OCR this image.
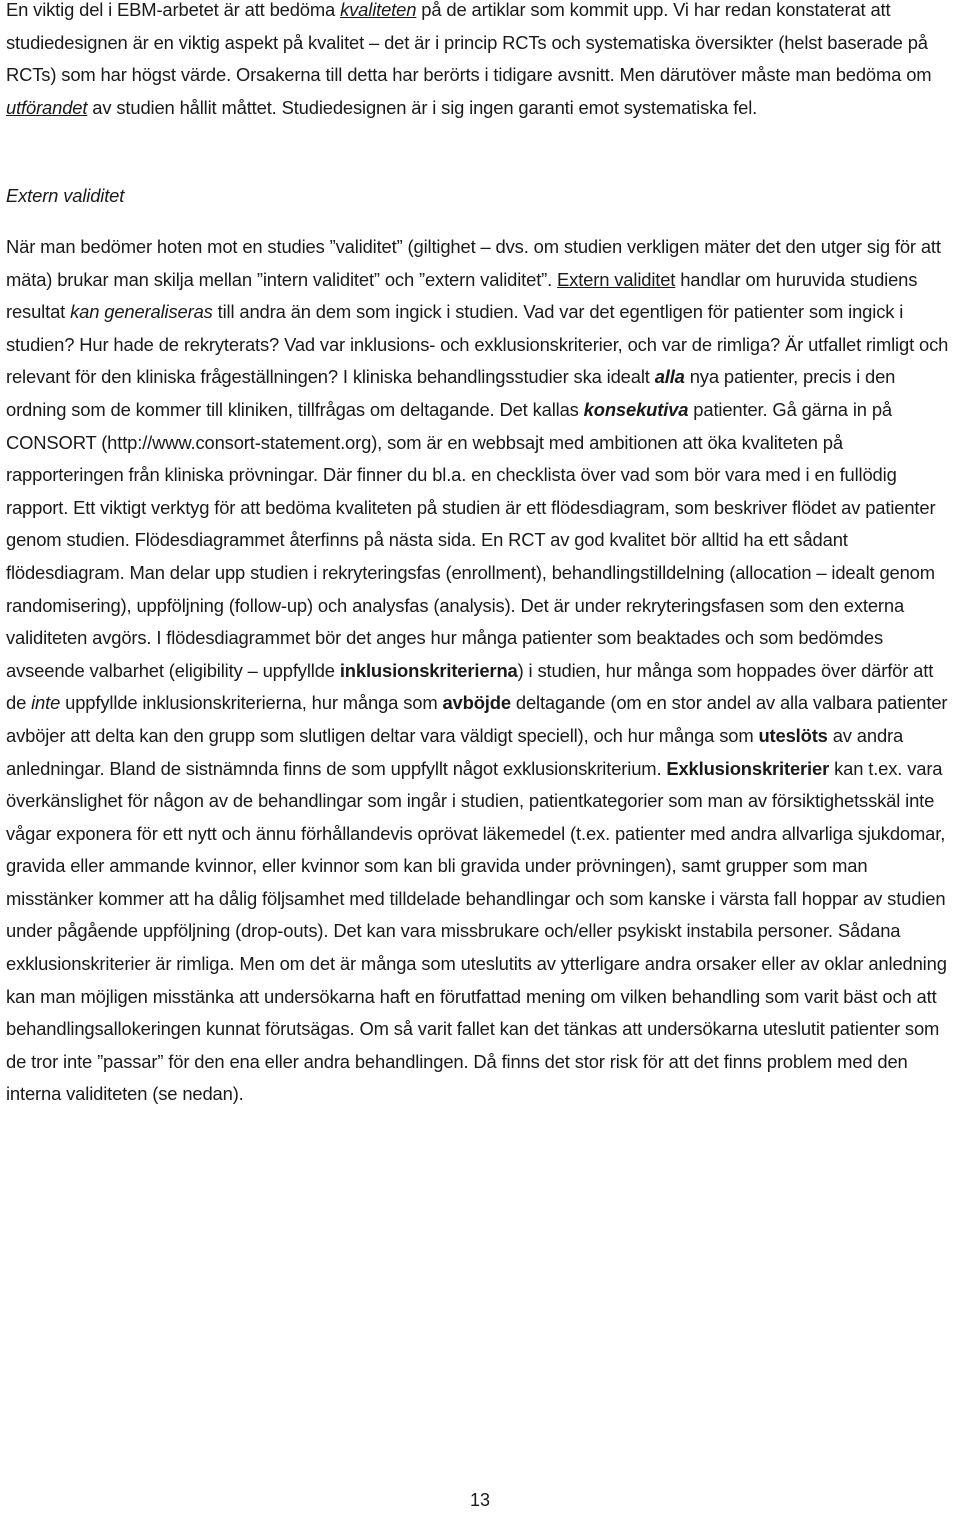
En viktig del i EBM-arbetet är att bedöma kvaliteten på de artiklar som kommit upp. Vi har redan konstaterat att studiedesignen är en viktig aspekt på kvalitet – det är i princip RCTs och systematiska översikter (helst baserade på RCTs) som har högst värde. Orsakerna till detta har berörts i tidigare avsnitt. Men därutöver måste man bedöma om utförandet av studien hållit måttet. Studiedesignen är i sig ingen garanti emot systematiska fel.

Extern validitet

När man bedömer hoten mot en studies ”validitet” (giltighet – dvs. om studien verkligen mäter det den utger sig för att mäta) brukar man skilja mellan ”intern validitet” och ”extern validitet”. Extern validitet handlar om huruvida studiens resultat kan generaliseras till andra än dem som ingick i studien. Vad var det egentligen för patienter som ingick i studien? Hur hade de rekryterats? Vad var inklusions- och exklusionskriterier, och var de rimliga? Är utfallet rimligt och relevant för den kliniska frågeställningen? I kliniska behandlingsstudier ska idealt alla nya patienter, precis i den ordning som de kommer till kliniken, tillfrågas om deltagande. Det kallas konsekutiva patienter. Gå gärna in på CONSORT (http://www.consort-statement.org), som är en webbsajt med ambitionen att öka kvaliteten på rapporteringen från kliniska prövningar. Där finner du bl.a. en checklista över vad som bör vara med i en fullödig rapport. Ett viktigt verktyg för att bedöma kvaliteten på studien är ett flödesdiagram, som beskriver flödet av patienter genom studien. Flödesdiagrammet återfinns på nästa sida. En RCT av god kvalitet bör alltid ha ett sådant flödesdiagram. Man delar upp studien i rekryteringsfas (enrollment), behandlingstilldelning (allocation – idealt genom randomisering), uppföljning (follow-up) och analysfas (analysis). Det är under rekryteringsfasen som den externa validiteten avgörs. I flödesdiagrammet bör det anges hur många patienter som beaktades och som bedömdes avseende valbarhet (eligibility – uppfyllde inklusionskriterierna) i studien, hur många som hoppades över därför att de inte uppfyllde inklusionskriterierna, hur många som avböjde deltagande (om en stor andel av alla valbara patienter avböjer att delta kan den grupp som slutligen deltar vara väldigt speciell), och hur många som uteslöts av andra anledningar. Bland de sistnämnda finns de som uppfyllt något exklusionskriterium. Exklusionskriterier kan t.ex. vara överkänslighet för någon av de behandlingar som ingår i studien, patientkategorier som man av försiktighetsskäl inte vågar exponera för ett nytt och ännu förhållandevis oprövat läkemedel (t.ex. patienter med andra allvarliga sjukdomar, gravida eller ammande kvinnor, eller kvinnor som kan bli gravida under prövningen), samt grupper som man misstänker kommer att ha dålig följsamhet med tilldelade behandlingar och som kanske i värsta fall hoppar av studien under pågående uppföljning (drop-outs). Det kan vara missbrukare och/eller psykiskt instabila personer. Sådana exklusionskriterier är rimliga. Men om det är många som uteslutits av ytterligare andra orsaker eller av oklar anledning kan man möjligen misstänka att undersökarna haft en förutfattad mening om vilken behandling som varit bäst och att behandlingsallokeringen kunnat förutsägas. Om så varit fallet kan det tänkas att undersökarna uteslutit patienter som de tror inte ”passar” för den ena eller andra behandlingen. Då finns det stor risk för att det finns problem med den interna validiteten (se nedan).

13
